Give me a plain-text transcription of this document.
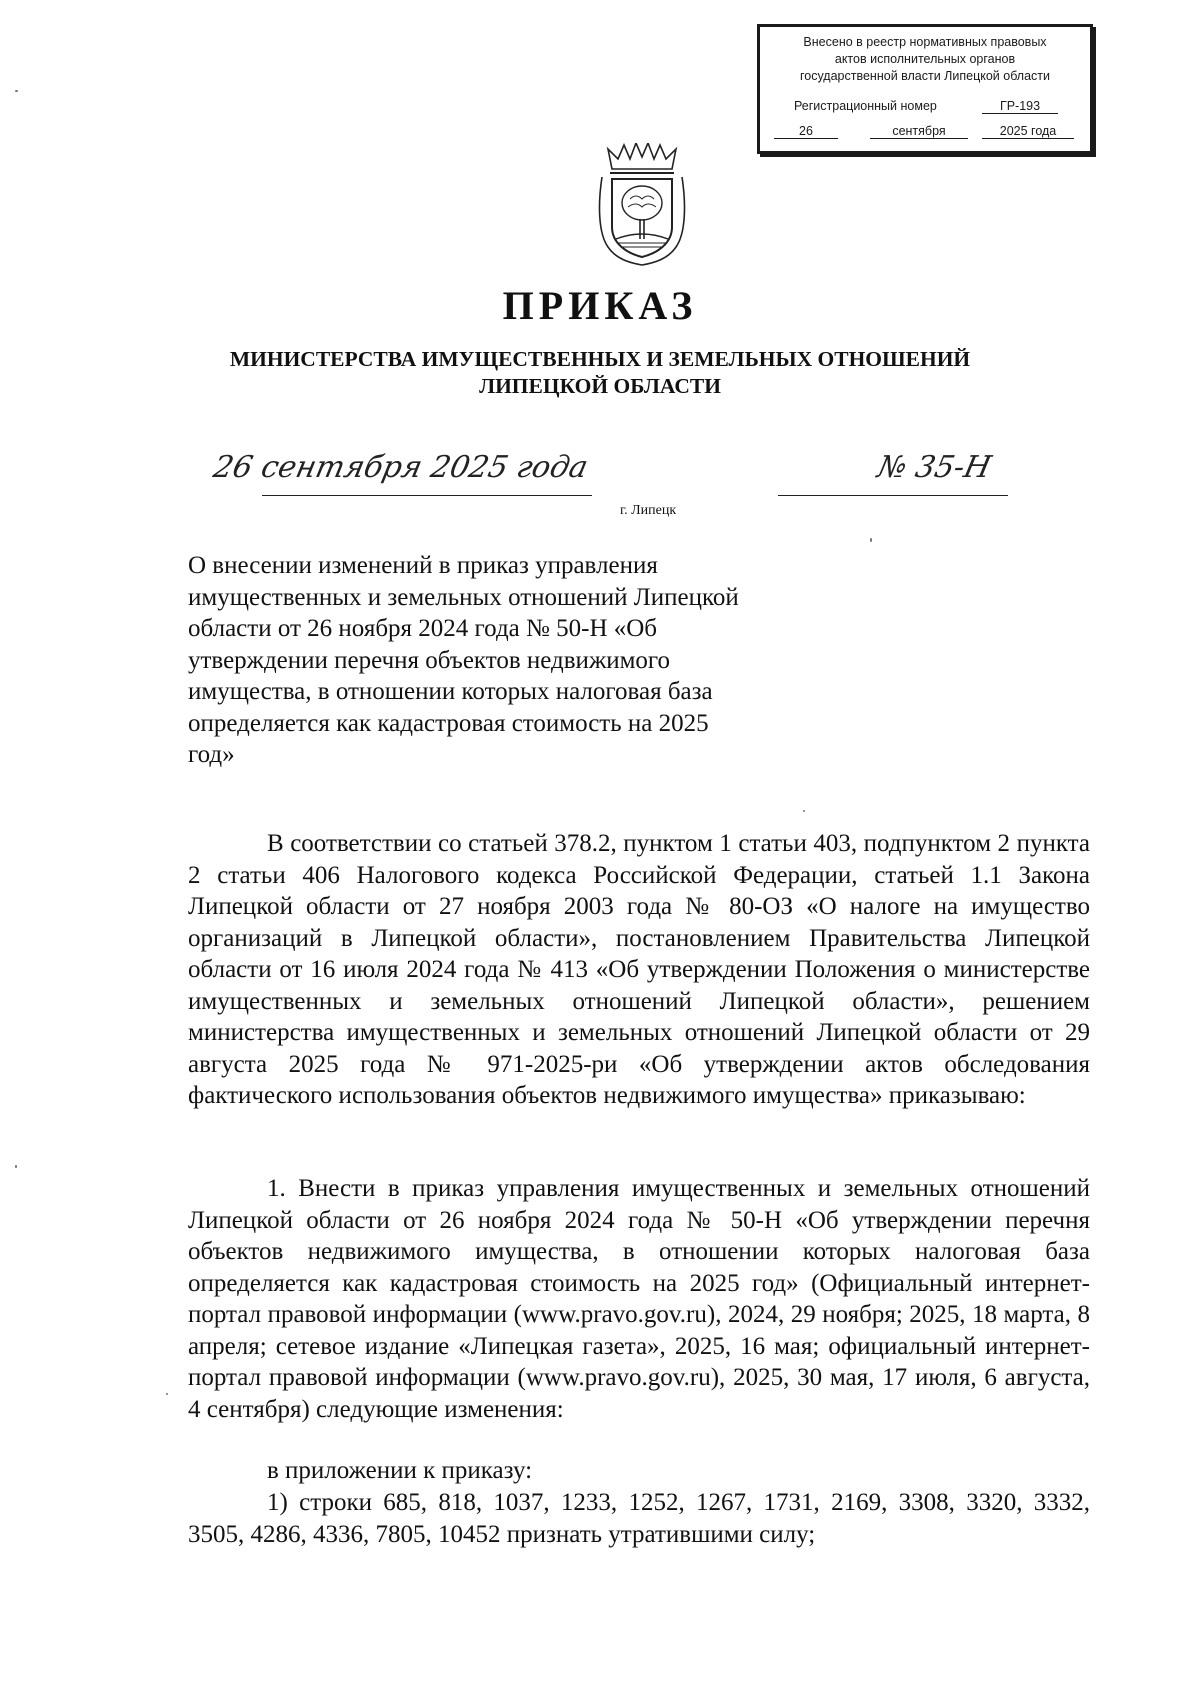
Внесено в реестр нормативных правовых
актов исполнительных органов
государственной власти Липецкой области
Регистрационный номер	ГР-193
26	сентября	2025 года
ПРИКАЗ
МИНИСТЕРСТВА ИМУЩЕСТВЕННЫХ И ЗЕМЕЛЬНЫХ ОТНОШЕНИЙ
ЛИПЕЦКОЙ ОБЛАСТИ
26 сентября 2025 года	№ 35-Н
г. Липецк
О внесении изменений в приказ управления имущественных и земельных отношений Липецкой области от 26 ноября 2024 года № 50-Н «Об утверждении перечня объектов недвижимого имущества, в отношении которых налоговая база определяется как кадастровая стоимость на 2025 год»
В соответствии со статьей 378.2, пунктом 1 статьи 403, подпунктом 2 пункта 2 статьи 406 Налогового кодекса Российской Федерации, статьей 1.1 Закона Липецкой области от 27 ноября 2003 года № 80-ОЗ «О налоге на имущество организаций в Липецкой области», постановлением Правительства Липецкой области от 16 июля 2024 года № 413 «Об утверждении Положения о министерстве имущественных и земельных отношений Липецкой области», решением министерства имущественных и земельных отношений Липецкой области от 29 августа 2025 года № 971-2025-ри «Об утверждении актов обследования фактического использования объектов недвижимого имущества» приказываю:
1. Внести в приказ управления имущественных и земельных отношений Липецкой области от 26 ноября 2024 года № 50-Н «Об утверждении перечня объектов недвижимого имущества, в отношении которых налоговая база определяется как кадастровая стоимость на 2025 год» (Официальный интернет-портал правовой информации (www.pravo.gov.ru), 2024, 29 ноября; 2025, 18 марта, 8 апреля; сетевое издание «Липецкая газета», 2025, 16 мая; официальный интернет-портал правовой информации (www.pravo.gov.ru), 2025, 30 мая, 17 июля, 6 августа, 4 сентября) следующие изменения:
в приложении к приказу:
1) строки 685, 818, 1037, 1233, 1252, 1267, 1731, 2169, 3308, 3320, 3332, 3505, 4286, 4336, 7805, 10452 признать утратившими силу;
